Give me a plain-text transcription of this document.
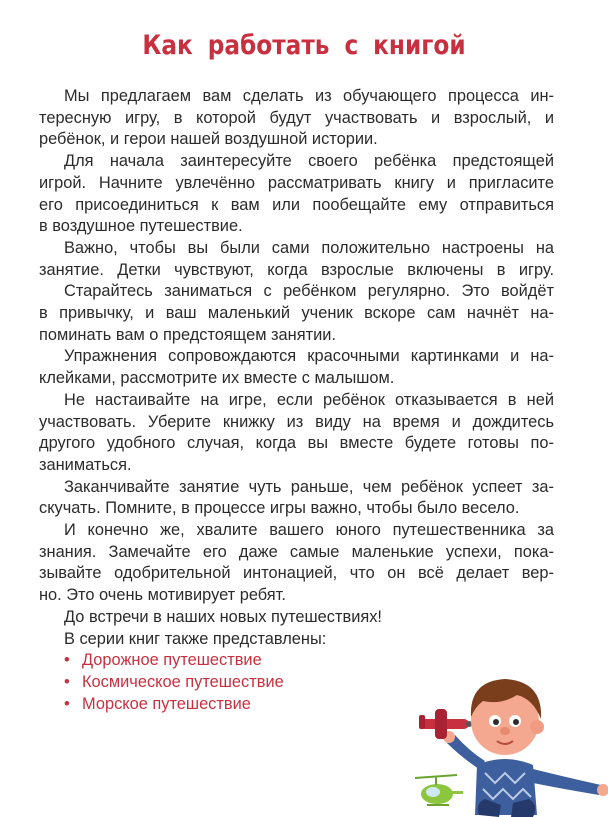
Как работать с книгой

Мы предлагаем вам сделать из обучающего процесса ин-
тересную игру, в которой будут участвовать и взрослый, и
ребёнок, и герои нашей воздушной истории.

Для начала заинтересуйте своего ребёнка предстоящей
игрой. Начните увлечённо рассматривать книгу и пригласите
его присоединиться к вам или пообещайте ему отправиться
в воздушное путешествие.

Важно, чтобы вы были сами положительно настроены на
занятие. Детки чувствуют, когда взрослые включены в игру.

Старайтесь заниматься с ребёнком регулярно. Это войдёт
в привычку, и ваш маленький ученик вскоре сам начнёт на-
поминать вам о предстоящем занятии.

Упражнения сопровождаются красочными картинками и на-
клейками, рассмотрите их вместе с малышом.

Не настаивайте на игре, если ребёнок отказывается в ней
участвовать. Уберите книжку из виду на время и дождитесь
другого удобного случая, когда вы вместе будете готовы по-
заниматься.

Заканчивайте занятие чуть раньше, чем ребёнок успеет за-
скучать. Помните, в процессе игры важно, чтобы было весело.

И конечно же, хвалите вашего юного путешественника за
знания. Замечайте его даже самые маленькие успехи, пока-
зывайте одобрительной интонацией, что он всё делает вер-
но. Это очень мотивирует ребят.

До встречи в наших новых путешествиях!

В серии книг также представлены:

• Дорожное путешествие
• Космическое путешествие
• Морское путешествие
